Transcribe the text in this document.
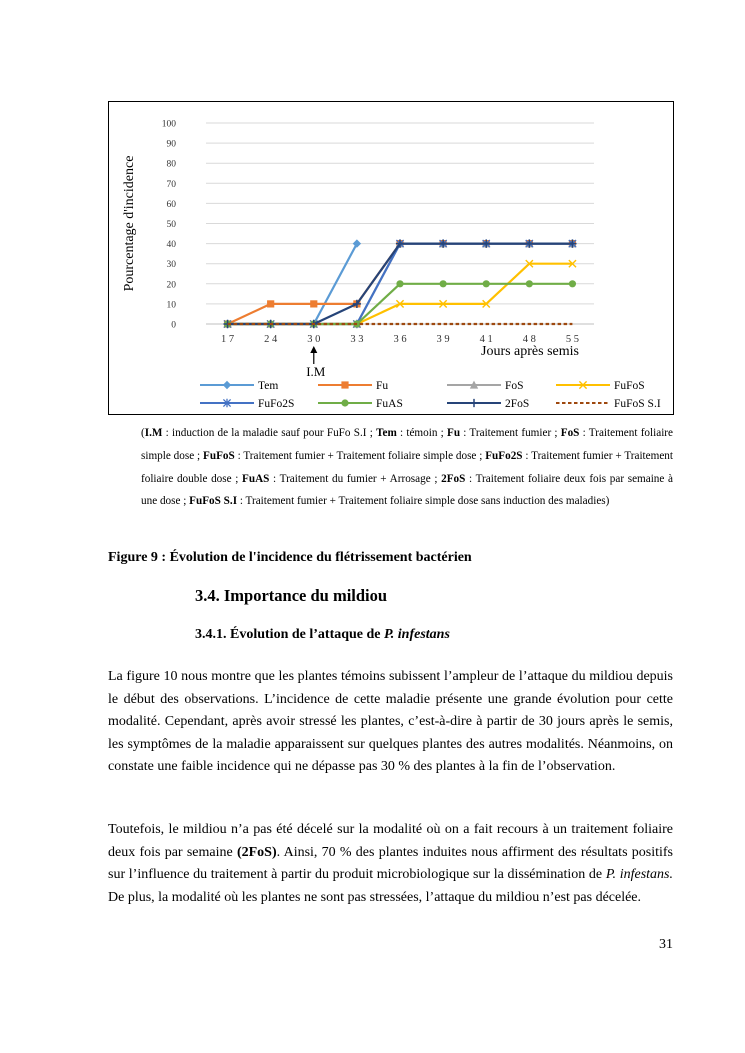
0
10
20
30
40
50
60
70
80
90
100
1 7	2 4	3 0	3 3	3 6	3 9	4 1	4 8	5 5
Pourcentage d'incidence
Jours après semis
I.M
Tem	Fu	FoS	FuFoS
FuFo2S	FuAS	2FoS	FuFoS S.I
(I.M : induction de la maladie sauf pour FuFo S.I ; Tem : témoin ; Fu : Traitement fumier ; FoS : Traitement foliaire simple dose ; FuFoS : Traitement fumier + Traitement foliaire simple dose ; FuFo2S : Traitement fumier + Traitement foliaire double dose ; FuAS : Traitement du fumier + Arrosage ; 2FoS : Traitement foliaire deux fois par semaine à une dose ; FuFoS S.I : Traitement fumier + Traitement foliaire simple dose sans induction des maladies)
Figure 9 : Évolution de l'incidence du flétrissement bactérien
3.4. Importance du mildiou
3.4.1. Évolution de l’attaque de P. infestans

La figure 10 nous montre que les plantes témoins subissent l’ampleur de l’attaque du mildiou depuis le début des observations. L’incidence de cette maladie présente une grande évolution pour cette modalité. Cependant, après avoir stressé les plantes, c’est-à-dire à partir de 30 jours après le semis, les symptômes de la maladie apparaissent sur quelques plantes des autres modalités. Néanmoins, on constate une faible incidence qui ne dépasse pas 30 % des plantes à la fin de l’observation.

Toutefois, le mildiou n’a pas été décelé sur la modalité où on a fait recours à un traitement foliaire deux fois par semaine (2FoS). Ainsi, 70 % des plantes induites nous affirment des résultats positifs sur l’influence du traitement à partir du produit microbiologique sur la dissémination de P. infestans. De plus, la modalité où les plantes ne sont pas stressées, l’attaque du mildiou n’est pas décelée.

31
